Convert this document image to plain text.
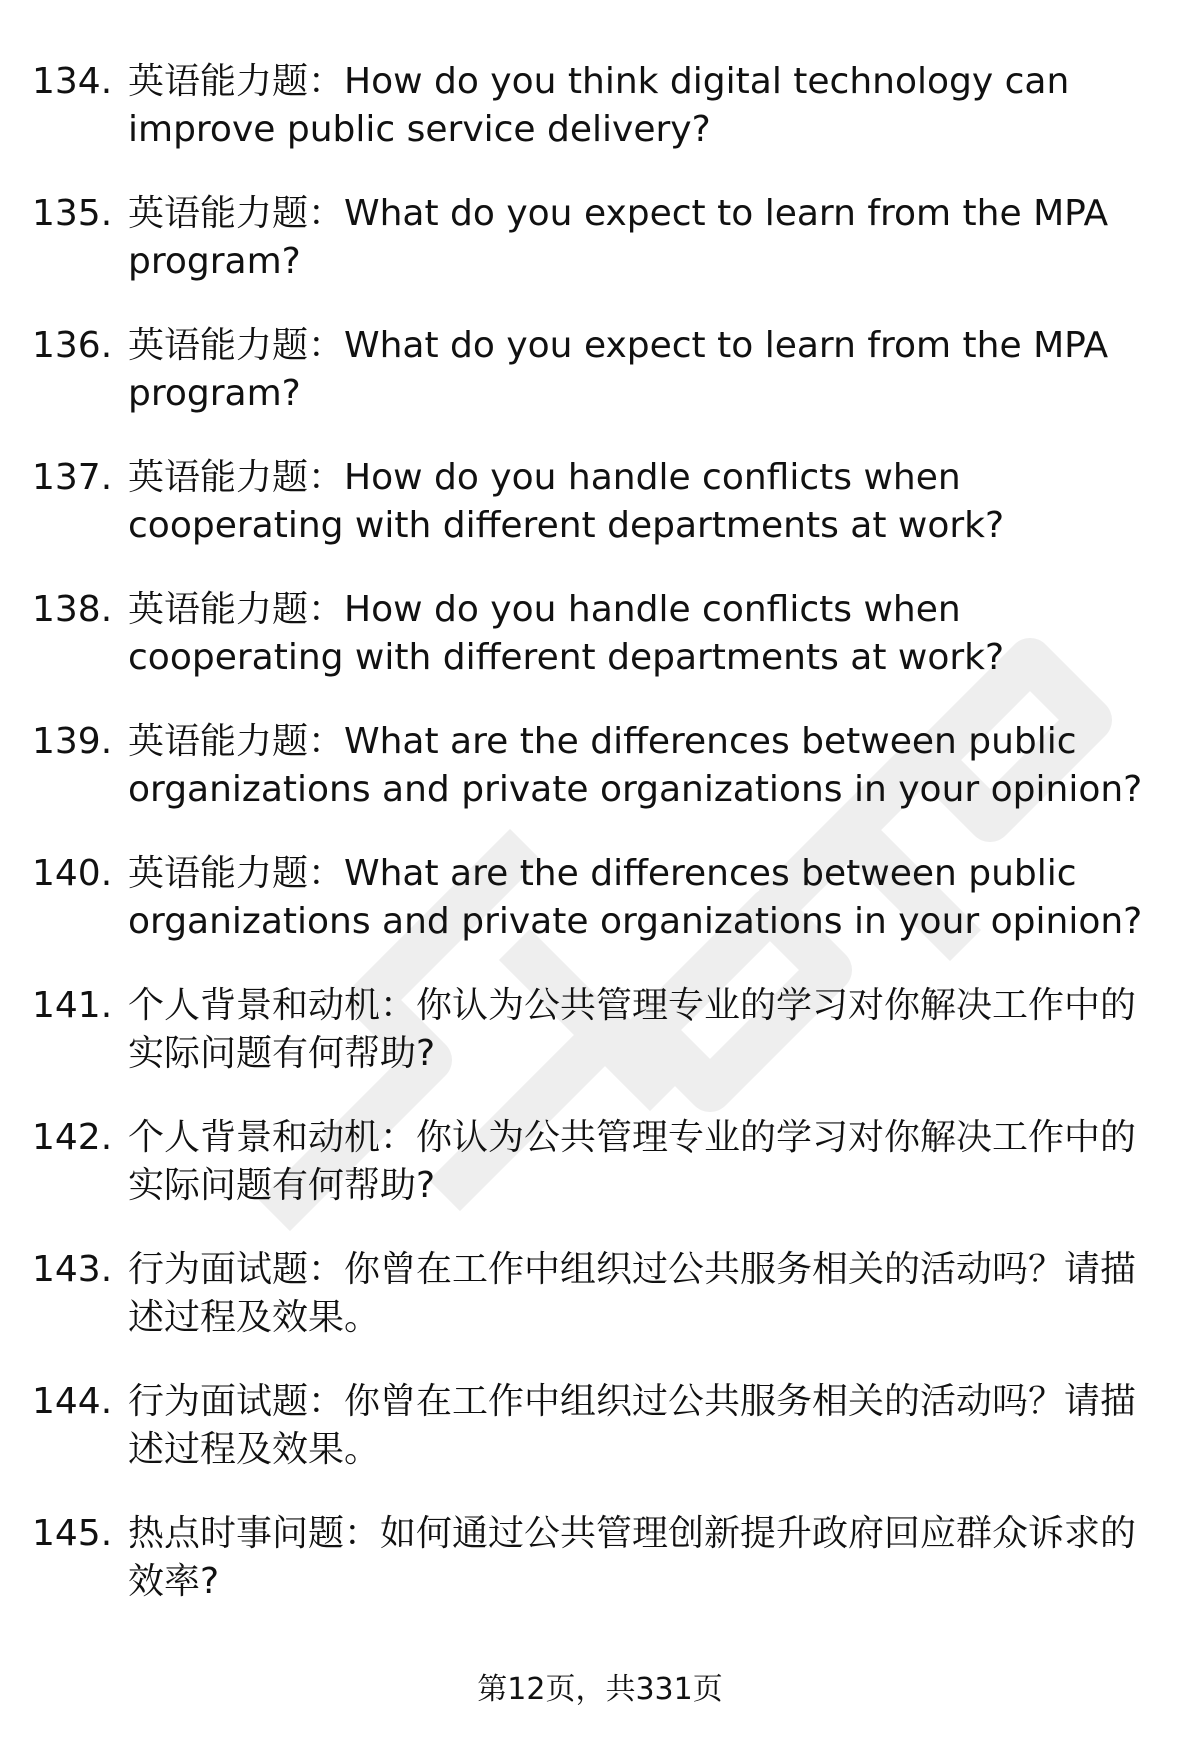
134. 英语能力题：How do you think digital technology can
improve public service delivery?
135. 英语能力题：What do you expect to learn from the MPA
program?
136. 英语能力题：What do you expect to learn from the MPA
program?
137. 英语能力题：How do you handle conflicts when
cooperating with different departments at work?
138. 英语能力题：How do you handle conflicts when
cooperating with different departments at work?
139. 英语能力题：What are the differences between public
organizations and private organizations in your opinion?
140. 英语能力题：What are the differences between public
organizations and private organizations in your opinion?
141. 个人背景和动机：你认为公共管理专业的学习对你解决工作中的
实际问题有何帮助?
142. 个人背景和动机：你认为公共管理专业的学习对你解决工作中的
实际问题有何帮助?
143. 行为面试题：你曾在工作中组织过公共服务相关的活动吗？请描
述过程及效果。
144. 行为面试题：你曾在工作中组织过公共服务相关的活动吗？请描
述过程及效果。
145. 热点时事问题：如何通过公共管理创新提升政府回应群众诉求的
效率?
第12页，共331页
